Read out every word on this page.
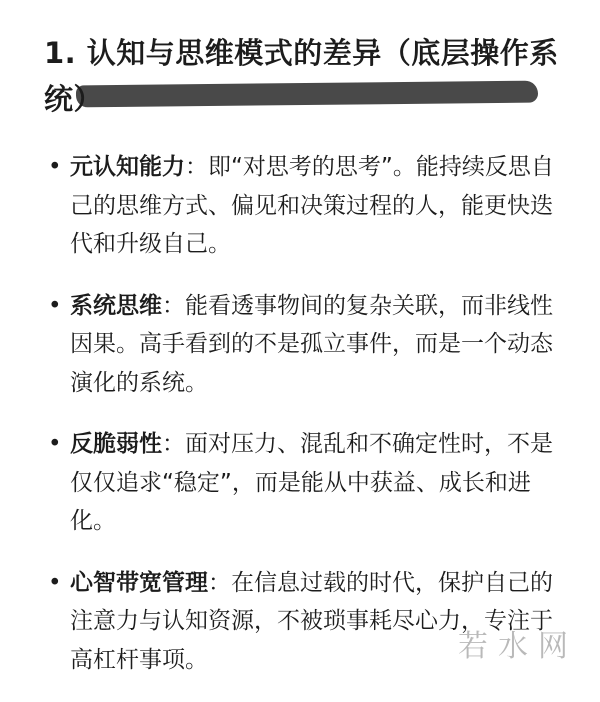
1. 认知与思维模式的差异（底层操作系统）
• 元认知能力：即“对思考的思考”。能持续反思自己的思维方式、偏见和决策过程的人，能更快迭代和升级自己。
• 系统思维：能看透事物间的复杂关联，而非线性因果。高手看到的不是孤立事件，而是一个动态演化的系统。
• 反脆弱性：面对压力、混乱和不确定性时，不是仅仅追求“稳定”，而是能从中获益、成长和进化。
• 心智带宽管理：在信息过载的时代，保护自己的注意力与认知资源，不被琐事耗尽心力，专注于高杠杆事项。	若水网
